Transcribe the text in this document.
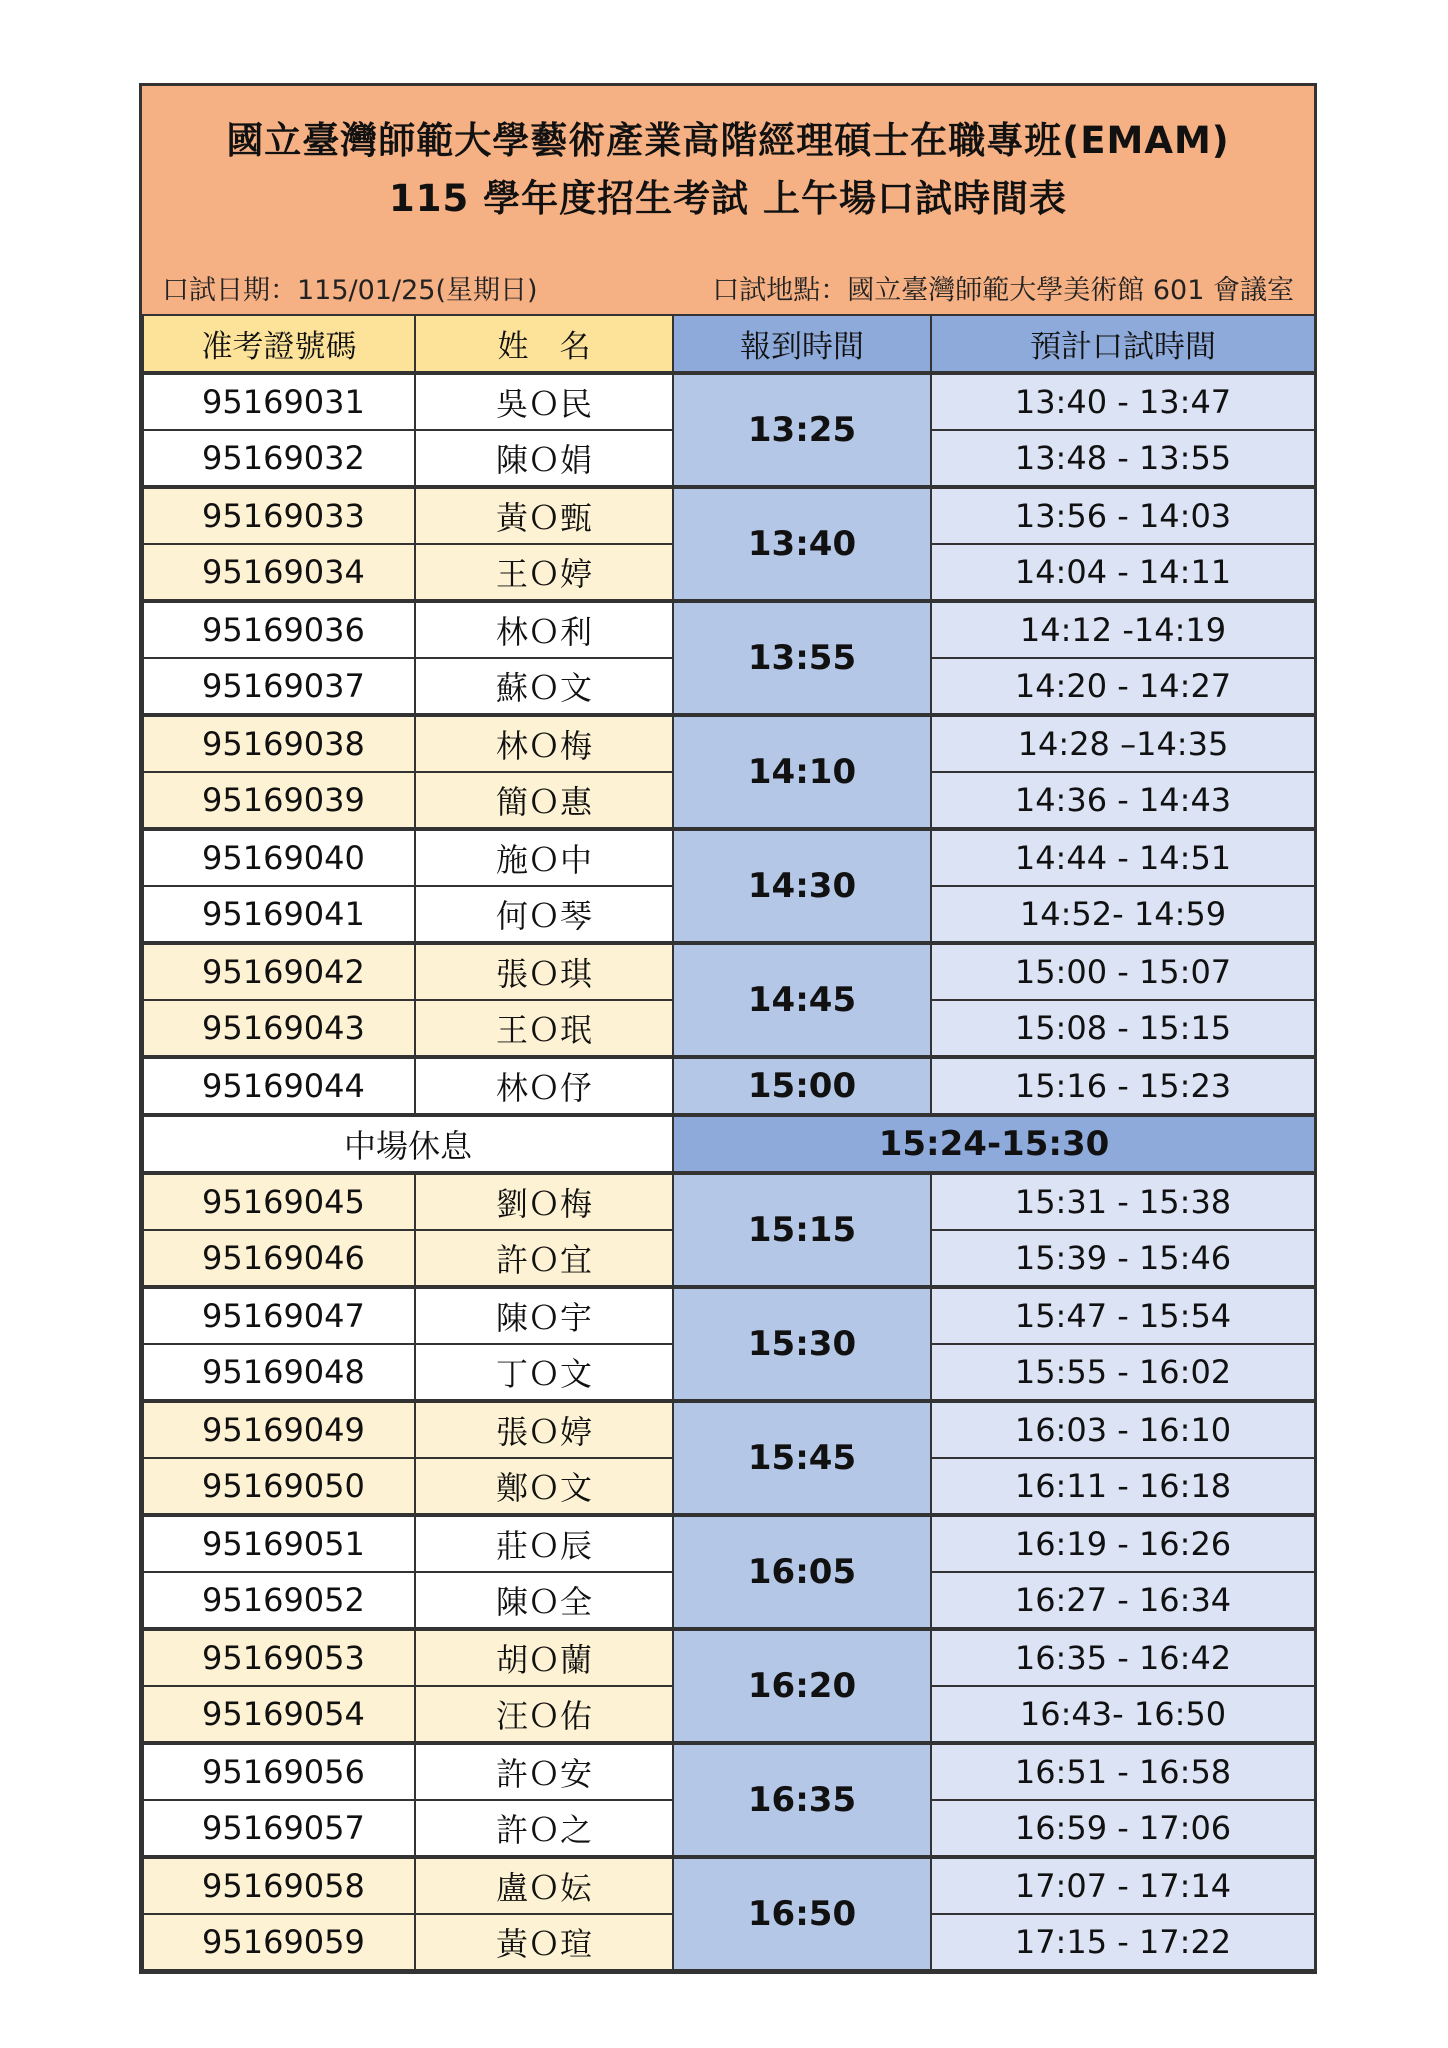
國立臺灣師範大學藝術產業高階經理碩士在職專班(EMAM)
115 學年度招生考試 上午場口試時間表
口試日期：115/01/25(星期日)	口試地點：國立臺灣師範大學美術館 601 會議室
准考證號碼	姓　名	報到時間	預計口試時間
95169031	吳Ｏ民	13:25	13:40 - 13:47
95169032	陳Ｏ娟		13:48 - 13:55
95169033	黃Ｏ甄	13:40	13:56 - 14:03
95169034	王Ｏ婷		14:04 - 14:11
95169036	林Ｏ利	13:55	14:12 -14:19
95169037	蘇Ｏ文		14:20 - 14:27
95169038	林Ｏ梅	14:10	14:28 –14:35
95169039	簡Ｏ惠		14:36 - 14:43
95169040	施Ｏ中	14:30	14:44 - 14:51
95169041	何Ｏ琴		14:52- 14:59
95169042	張Ｏ琪	14:45	15:00 - 15:07
95169043	王Ｏ珉		15:08 - 15:15
95169044	林Ｏ伃	15:00	15:16 - 15:23
中場休息		15:24-15:30	
95169045	劉Ｏ梅	15:15	15:31 - 15:38
95169046	許Ｏ宜		15:39 - 15:46
95169047	陳Ｏ宇	15:30	15:47 - 15:54
95169048	丁Ｏ文		15:55 - 16:02
95169049	張Ｏ婷	15:45	16:03 - 16:10
95169050	鄭Ｏ文		16:11 - 16:18
95169051	莊Ｏ辰	16:05	16:19 - 16:26
95169052	陳Ｏ全		16:27 - 16:34
95169053	胡Ｏ蘭	16:20	16:35 - 16:42
95169054	汪Ｏ佑		16:43- 16:50
95169056	許Ｏ安	16:35	16:51 - 16:58
95169057	許Ｏ之		16:59 - 17:06
95169058	盧Ｏ妘	16:50	17:07 - 17:14
95169059	黃Ｏ瑄		17:15 - 17:22
